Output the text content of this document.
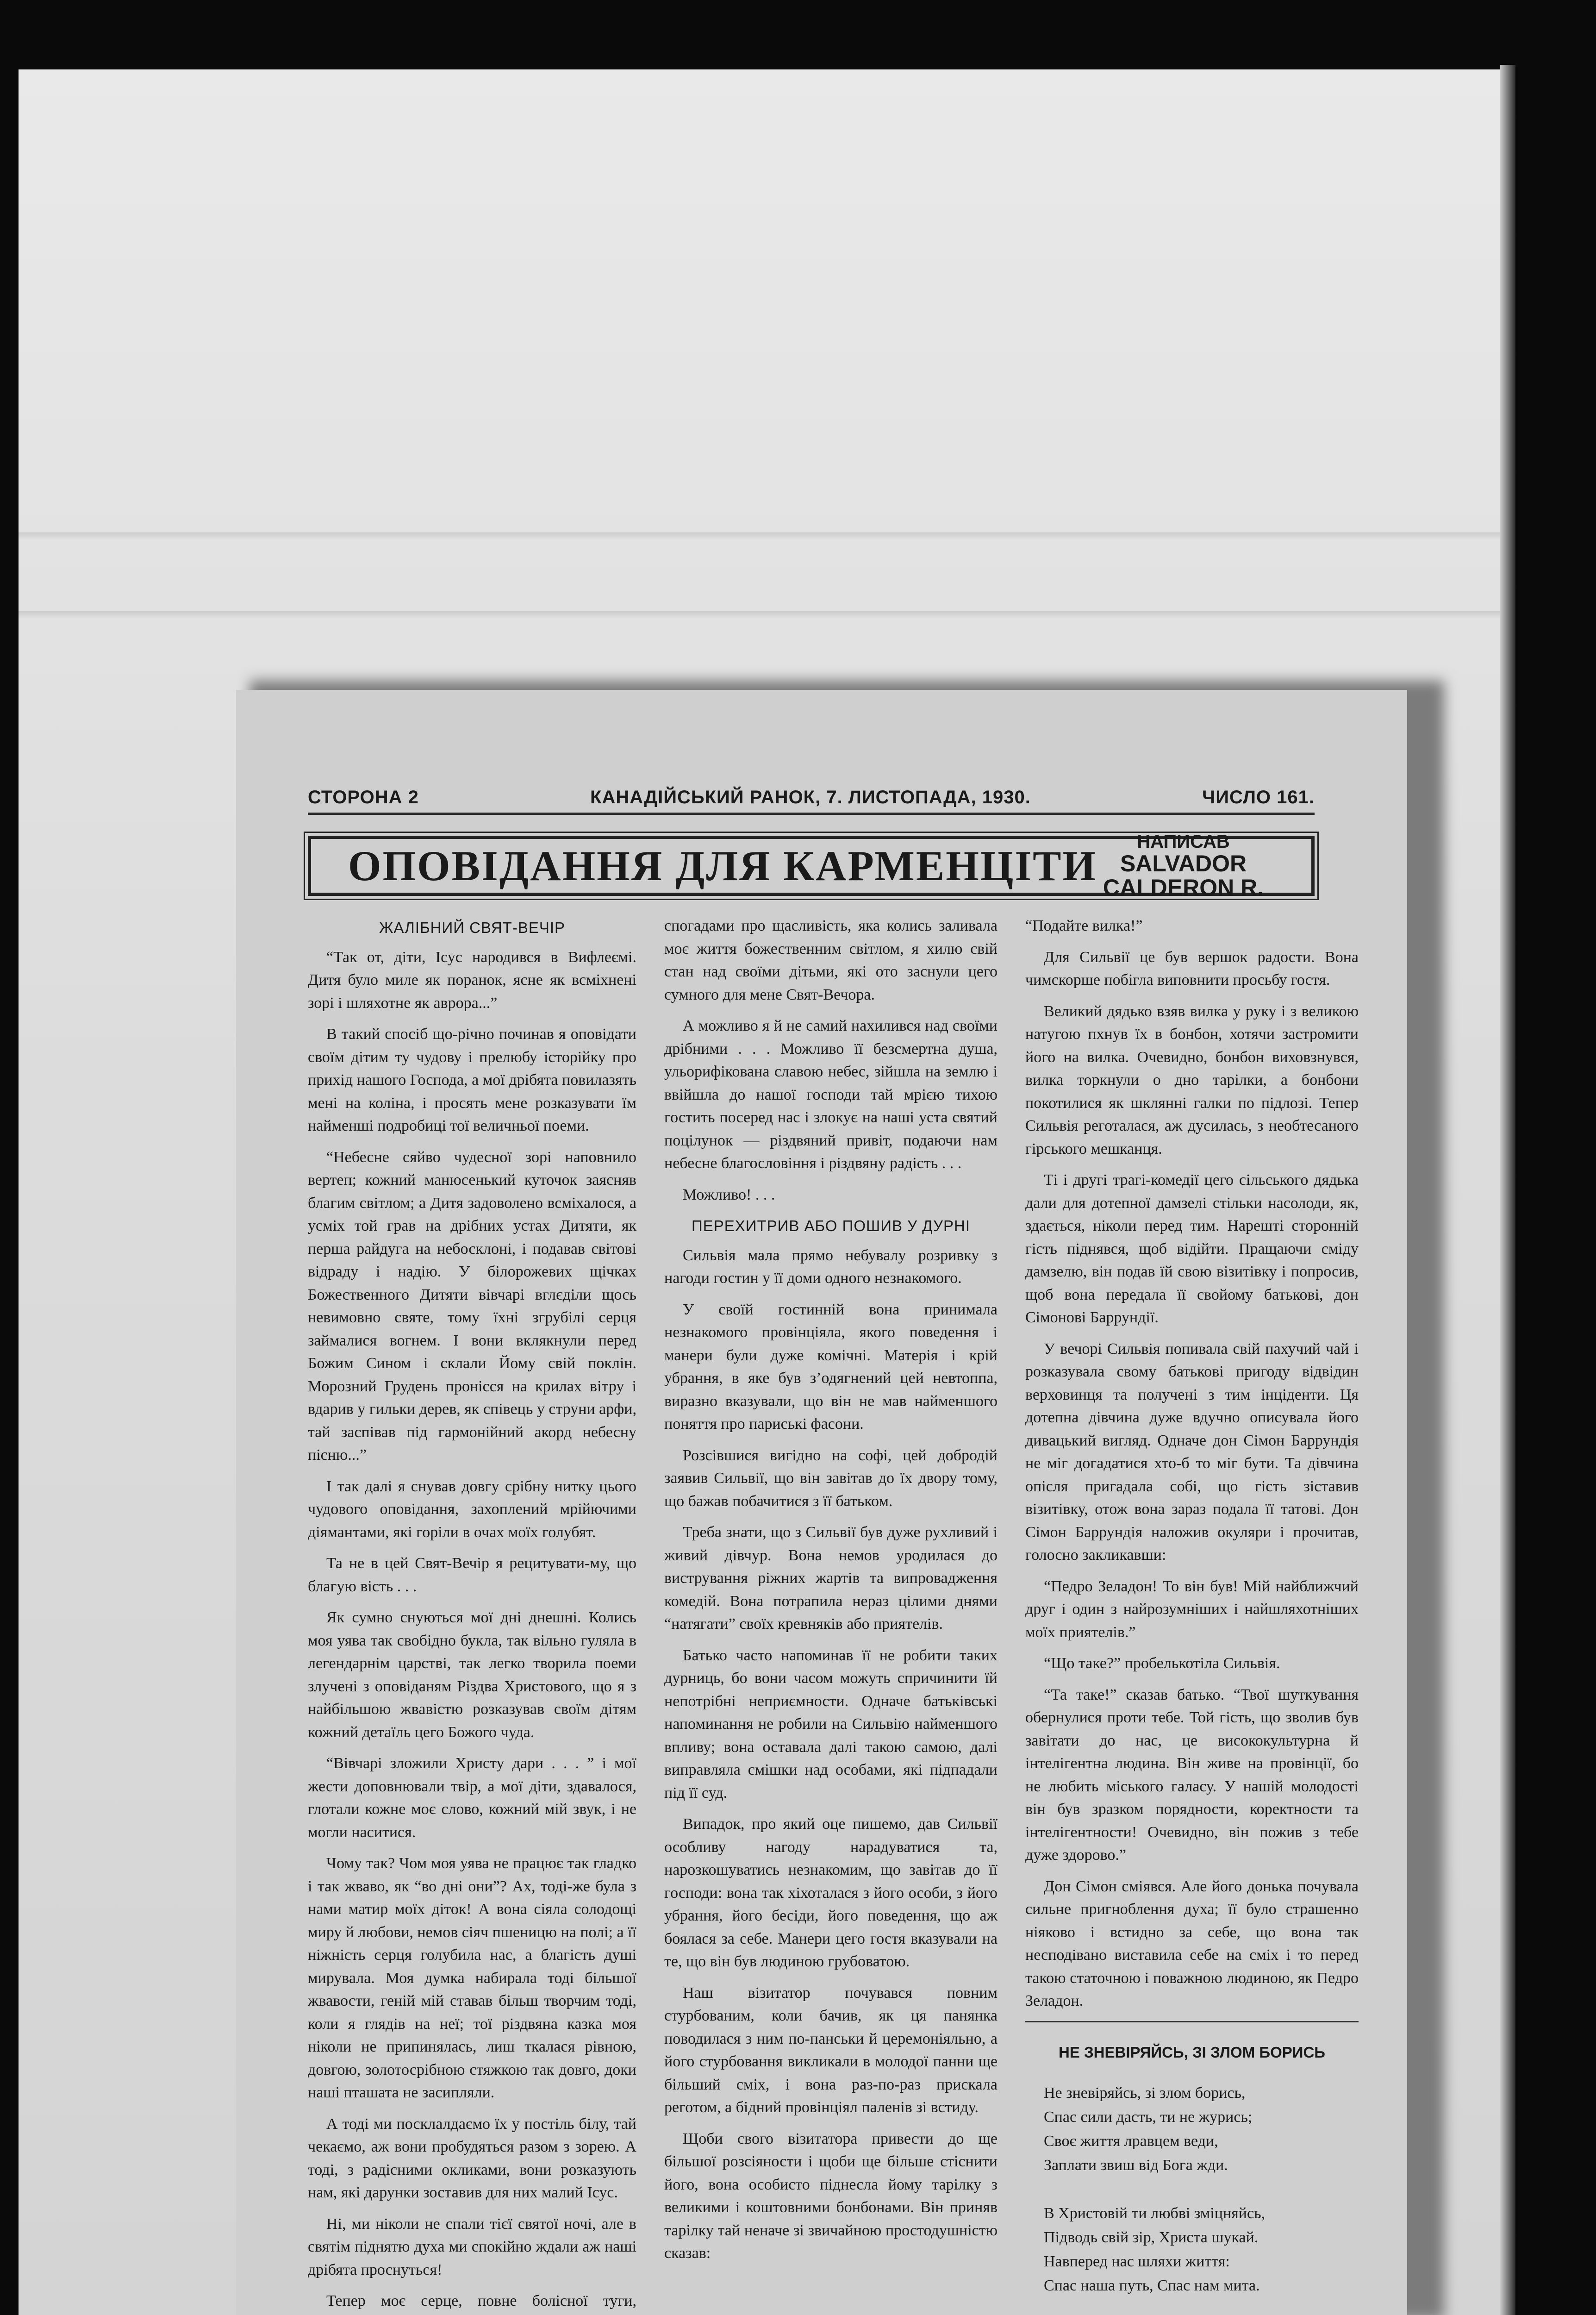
СТОРОНА 2	КАНАДІЙСЬКИЙ РАНОК, 7. ЛИСТОПАДА, 1930.	ЧИСЛО 161.
ОПОВІДАННЯ ДЛЯ КАРМЕНЦІТИ
НАПИСАВ
SALVADOR CALDERON R.
ЖАЛІБНИЙ СВЯТ-ВЕЧІР

“Так от, діти, Ісус народився в Вифлеємі. Дитя було миле як поранок, ясне як всміхнені зорі і шляхотне як аврора...”

В такий спосіб що-річно починав я оповідати своїм дітим ту чудову і прелюбу історійку про прихід нашого Господа, а мої дрібята повилазять мені на коліна, і просять мене розказувати їм найменші подробиці тої величньої поеми.

“Небесне сяйво чудесної зорі наповнило вертеп; кожний манюсенький куточок заясняв благим світлом; а Дитя задоволено всміхалося, а усміх той грав на дрібних устах Дитяти, як перша райдуга на небосклоні, і подавав світові відраду і надію. У білорожевих щічках Божественного Дитяти вівчарі вглєділи щось невимовно святе, тому їхні згрубілі серця займалися вогнем. І вони вклякнули перед Божим Сином і склали Йому свій поклін. Морозний Грудень пронісся на крилах вітру і вдарив у гильки дерев, як співець у струни арфи, тай заспівав під гармонійний акорд небесну пісню...”

І так далі я снував довгу срібну нитку цього чудового оповідання, захоплений мрійючими діямантами, які горіли в очах моїх голубят.

Та не в цей Свят-Вечір я рецитувати-му, що благую вість . . .

Як сумно снуються мої дні днешні. Колись моя уява так свобідно букла, так вільно гуляла в легендарнім царстві, так легко творила поеми злучені з оповіданям Різдва Христового, що я з найбільшою жвавістю розказував своїм дітям кожний детаїль цего Божого чуда.

“Вівчарі зложили Христу дари . . . ” і мої жести доповнювали твір, а мої діти, здавалося, глотали кожне моє слово, кожний мій звук, і не могли наситися.

Чому так? Чом моя уява не працює так гладко і так жваво, як “во дні они”? Ах, тоді-же була з нами матир моїх діток! А вона сіяла солодощі миру й любови, немов сіяч пшеницю на полі; а її ніжність серця голубила нас, а благість душі мирувала. Моя думка набирала тоді більшої жвавости, геній мій ставав більш творчим тоді, коли я глядів на неї; тої різдвяна казка моя ніколи не припинялась, лиш ткалася рівною, довгою, золотосрібною стяжкою так довго, доки наші пташата не засипляли.

А тоді ми посклалдаємо їх у постіль білу, тай чекаємо, аж вони пробудяться разом з зорею. А тоді, з радісними окликами, вони розказують нам, які дарунки зоставив для них малий Ісус.

Ні, ми ніколи не спали тієї святої ночі, але в святім піднятю духа ми спокійно ждали аж наші дрібята проснуться!

Тепер моє серце, повне болісної туги,

спогадами про щасливість, яка колись заливала моє життя божественним світлом, я хилю свій стан над своїми дітьми, які ото заснули цего сумного для мене Свят-Вечора.

А можливо я й не самий нахилився над своїми дрібними . . . Можливо її безсмертна душа, ульорифікована славою небес, зійшла на землю і ввійшла до нашої господи тай мрією тихою гостить посеред нас і злокує на наші уста святий поцілунок — різдвяний привіт, подаючи нам небесне благословіння і різдвяну радість . . .

Можливо! . . .

ПЕРЕХИТРИВ АБО ПОШИВ У ДУРНІ

Сильвія мала прямо небувалу розривку з нагоди гостин у її доми одного незнакомого.

У своїй гостинній вона принимала незнакомого провінціяла, якого поведення і манери були дуже комічні. Матерія і крій убрання, в яке був з’одягнений цей невтоппа, виразно вказували, що він не мав найменшого поняття про париські фасони.

Розсівшися вигідно на софі, цей добродій заявив Сильвії, що він завітав до їх двору тому, що бажав побачитися з її батьком.

Треба знати, що з Сильвії був дуже рухливий і живий дівчур. Вона немов уродилася до вистрування ріжних жартів та випровадження комедій. Вона потрапила нераз цілими днями “натягати” своїх кревняків або приятелів.

Батько часто напоминав її не робити таких дурниць, бо вони часом можуть спричинити їй непотрібні неприємности. Одначе батьківські напоминання не робили на Сильвію найменшого впливу; вона оставала далі такою самою, далі виправляла смішки над особами, які підпадали під її суд.

Випадок, про який оце пишемо, дав Сильвії особливу нагоду нарадуватися та, нарозкошуватись незнакомим, що завітав до її господи: вона так хіхоталася з його особи, з його убрання, його бесіди, його поведення, що аж боялася за себе. Манери цего гостя вказували на те, що він був людиною грубоватою.

Наш візитатор почувався повним стурбованим, коли бачив, як ця панянка поводилася з ним по-панськи й церемоніяльно, а його стурбовання викликали в молодої панни ще більший сміх, і вона раз-по-раз прискала реготом, а бідний провінціял паленів зі встиду.

Щоби свого візитатора привести до ще більшої розсіяности і щоби ще більше стіснити його, вона особисто піднесла йому тарілку з великими і коштовними бонбонами. Він приняв тарілку тай неначе зі звичайною простодушністю сказав:

“Подайте вилка!”

Для Сильвії це був вершок радости. Вона чимскорше побігла виповнити просьбу гостя.

Великий дядько взяв вилка у руку і з великою натугою пхнув їх в бонбон, хотячи застромити його на вилка. Очевидно, бонбон виховзнувся, вилка торкнули о дно тарілки, а бонбони покотилися як шклянні галки по підлозі. Тепер Сильвія реготалася, аж дусилась, з необтесаного гірського мешканця.

Ті і другі трагі-комедії цего сільського дядька дали для дотепної дамзелі стільки насолоди, як, здається, ніколи перед тим. Нарешті сторонній гість піднявся, щоб відійти. Пращаючи сміду дамзелю, він подав їй свою візитівку і попросив, щоб вона передала її свойому батькові, дон Сімонові Баррундії.

У вечорі Сильвія попивала свій пахучий чай і розказувала свому батькові пригоду відвідин верховинця та получені з тим інціденти. Ця дотепна дівчина дуже вдучно описувала його дивацький вигляд. Одначе дон Сімон Баррундія не міг догадатися хто-б то міг бути. Та дівчина опісля пригадала собі, що гість зіставив візитівку, отож вона зараз подала її татові. Дон Сімон Баррундія наложив окуляри і прочитав, голосно закликавши:

“Педро Зеладон! То він був! Мій найближчий друг і один з найрозумніших і найшляхотніших моїх приятелів.”

“Що таке?” пробелькотіла Сильвія.

“Та таке!” сказав батько. “Твої шуткування обернулися проти тебе. Той гість, що зволив був завітати до нас, це висококультурна й інтелігентна людина. Він живе на провінції, бо не любить міського галасу. У нашій молодості він був зразком порядности, коректности та інтелігентности! Очевидно, він пожив з тебе дуже здорово.”

Дон Сімон сміявся. Але його донька почувала сильне пригноблення духа; її було страшенно ніяково і встидно за себе, що вона так несподівано виставила себе на сміх і то перед такою статочною і поважною людиною, як Педро Зеладон.

НЕ ЗНЕВІРЯЙСЬ, ЗІ ЗЛОМ БОРИСЬ
Не зневіряйсь, зі злом борись,
Спас сили дасть, ти не журись;
Своє життя лравцем веди,
Заплати звиш від Бога жди.
В Христовій ти любві зміцняйсь,
Підводь свій зір, Христа шукай.
Навперед нас шляхи життя:
Спас наша путь, Спас нам мита.
